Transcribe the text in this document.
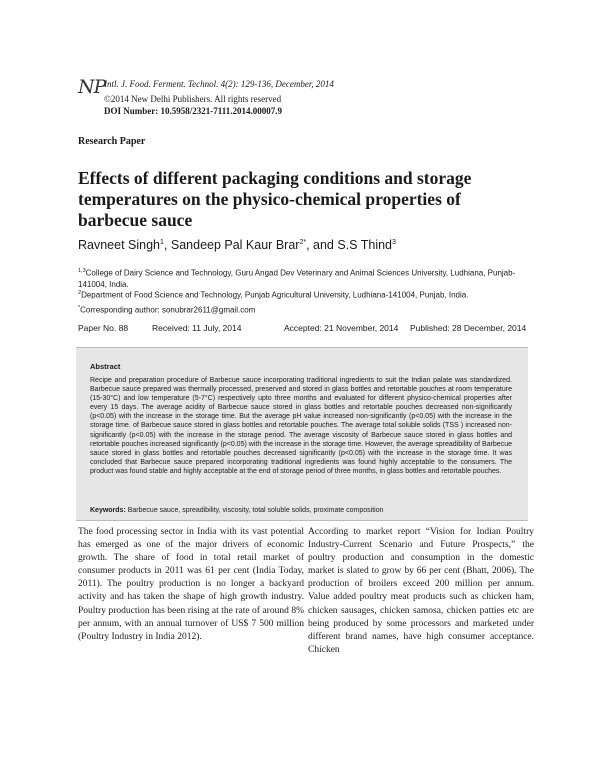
NP
Intl. J. Food. Ferment. Technol. 4(2): 129-136, December, 2014
©2014 New Delhi Publishers. All rights reserved
DOI Number: 10.5958/2321-7111.2014.00007.9
Research Paper
Effects of different packaging conditions and storage temperatures on the physico-chemical properties of barbecue sauce
Ravneet Singh$^1$, Sandeep Pal Kaur Brar$^{2*}$, and S.S Thind$^3$
$^{1,3}$College of Dairy Science and Technology, Guru Angad Dev Veterinary and Animal Sciences University, Ludhiana, Punjab-141004, India.
$^2$Department of Food Science and Technology, Punjab Agricultural University, Ludhiana-141004, Punjab, India.
*Corresponding author: sonubrar2611@gmail.com
Paper No. 88	Received: 11 July, 2014	Accepted: 21 November, 2014 Published: 28 December, 2014
Abstract
Recipe and preparation procedure of Barbecue sauce incorporating traditional ingredients to suit the Indian palate was standardized. Barbecue sauce prepared was thermally processed, preserved and stored in glass bottles and retortable pouches at room temperature (15-30°C) and low temperature (5-7°C) respectively upto three months and evaluated for different physico-chemical properties after every 15 days. The average acidity of Barbecue sauce stored in glass bottles and retortable pouches decreased non-significantly (p<0.05) with the increase in the storage time. But the average pH value increased non-significantly (p<0.05) with the increase in the storage time. of Barbecue sauce stored in glass bottles and retortable pouches. The average total soluble solids (TSS ) increased non-significantly (p<0.05) with the increase in the storage period. The average viscosity of Barbecue sauce stored in glass bottles and retortable pouches increased significantly (p<0.05) with the increase in the storage time. However, the average spreadibility of Barbecue sauce stored in glass bottles and retortable pouches decreased significantly (p<0.05) with the increase in the storage time. It was concluded that Barbecue sauce prepared incorporating traditional ingredients was found highly acceptable to the consumers. The product was found stable and highly acceptable at the end of storage period of three months, in glass bottles and retortable pouches.
Keywords: Barbecue sauce, spreadibility, viscosity, total soluble solids, proximate composition
The food processing sector in India with its vast potential has emerged as one of the major drivers of economic growth. The share of food in total retail market of consumer products in 2011 was 61 per cent (India Today, 2011). The poultry production is no longer a backyard activity and has taken the shape of high growth industry. Poultry production has been rising at the rate of around 8% per annum, with an annual turnover of US$ 7 500 million (Poultry Industry in India 2012).
According to market report “Vision for Indian Poultry Industry-Current Scenario and Future Prospects,” the poultry production and consumption in the domestic market is slated to grow by 66 per cent (Bhatt, 2006). The production of broilers exceed 200 million per annum. Value added poultry meat products such as chicken ham, chicken sausages, chicken samosa, chicken patties etc are being produced by some processors and marketed under different brand names, have high consumer acceptance. Chicken
